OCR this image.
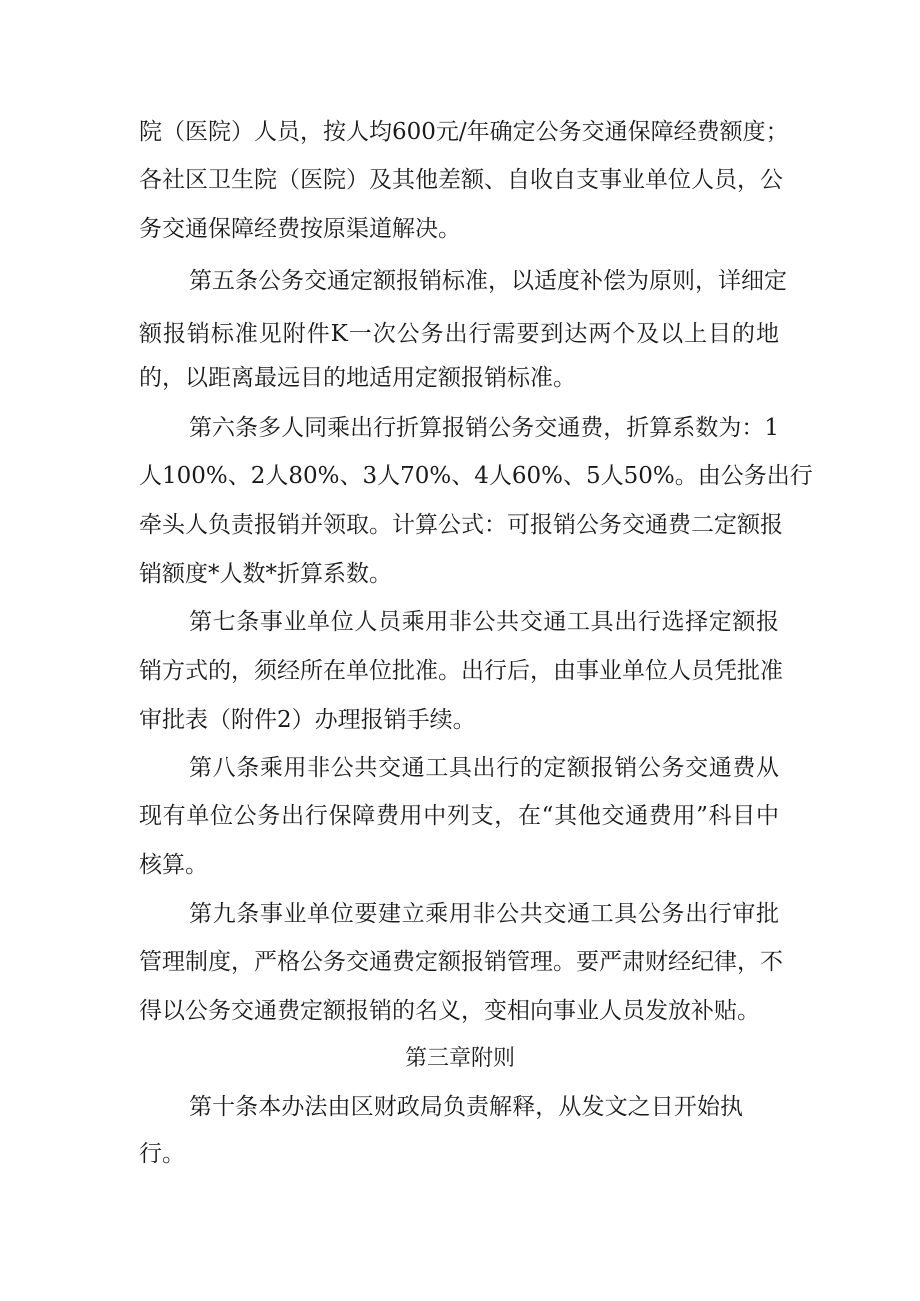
院（医院）人员，按人均600元/年确定公务交通保障经费额度；
各社区卫生院（医院）及其他差额、自收自支事业单位人员，公
务交通保障经费按原渠道解决。
第五条公务交通定额报销标准，以适度补偿为原则，详细定
额报销标准见附件K一次公务出行需要到达两个及以上目的地
的，以距离最远目的地适用定额报销标准。
第六条多人同乘出行折算报销公务交通费，折算系数为：1
人100%、2人80%、3人70%、4人60%、5人50%。由公务出行
牵头人负责报销并领取。计算公式：可报销公务交通费二定额报
销额度*人数*折算系数。
第七条事业单位人员乘用非公共交通工具出行选择定额报
销方式的，须经所在单位批准。出行后，由事业单位人员凭批准
审批表（附件2）办理报销手续。
第八条乘用非公共交通工具出行的定额报销公务交通费从
现有单位公务出行保障费用中列支，在“其他交通费用”科目中
核算。
第九条事业单位要建立乘用非公共交通工具公务出行审批
管理制度，严格公务交通费定额报销管理。要严肃财经纪律，不
得以公务交通费定额报销的名义，变相向事业人员发放补贴。
第三章附则
第十条本办法由区财政局负责解释，从发文之日开始执
行。
